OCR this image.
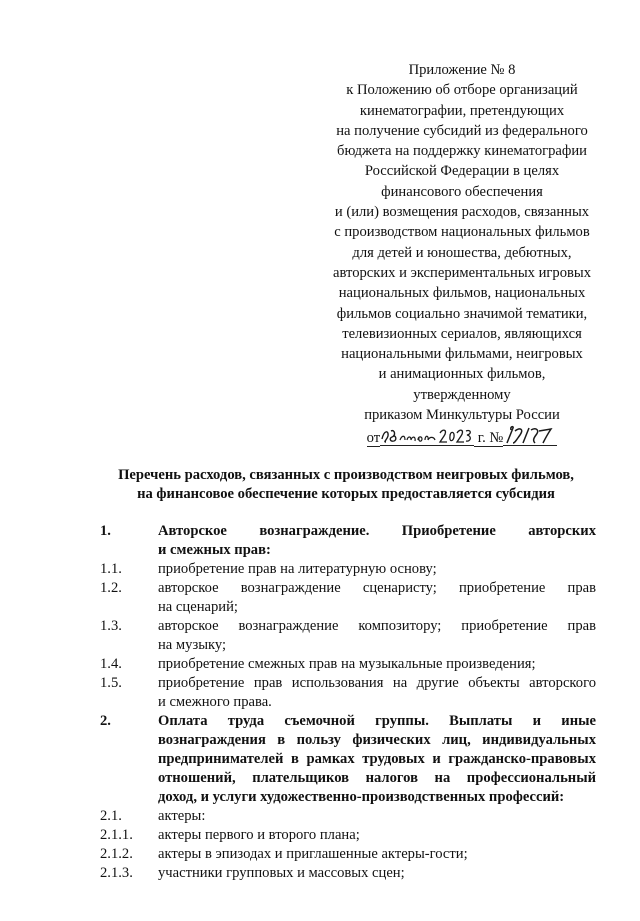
Приложение № 8
к Положению об отборе организаций
кинематографии, претендующих
на получение субсидий из федерального
бюджета на поддержку кинематографии
Российской Федерации в целях
финансового обеспечения
и (или) возмещения расходов, связанных
с производством национальных фильмов
для детей и юношества, дебютных,
авторских и экспериментальных игровых
национальных фильмов, национальных
фильмов социально значимой тематики,
телевизионных сериалов, являющихся
национальными фильмами, неигровых
и анимационных фильмов,
утвержденному
приказом Минкультуры России
от	г. №
Перечень расходов, связанных с производством неигровых фильмов,
на финансовое обеспечение которых предоставляется субсидия
1.	Авторское вознаграждение. Приобретение авторских
и смежных прав:
1.1.	приобретение прав на литературную основу;
1.2.	авторское вознаграждение сценаристу; приобретение прав
на сценарий;
1.3.	авторское вознаграждение композитору; приобретение прав
на музыку;
1.4.	приобретение смежных прав на музыкальные произведения;
1.5.	приобретение прав использования на другие объекты авторского
и смежного права.
2.	Оплата труда съемочной группы. Выплаты и иные
вознаграждения в пользу физических лиц, индивидуальных
предпринимателей в рамках трудовых и гражданско-правовых
отношений, плательщиков налогов на профессиональный
доход, и услуги художественно-производственных профессий:
2.1.	актеры:
2.1.1.	актеры первого и второго плана;
2.1.2.	актеры в эпизодах и приглашенные актеры-гости;
2.1.3.	участники групповых и массовых сцен;
